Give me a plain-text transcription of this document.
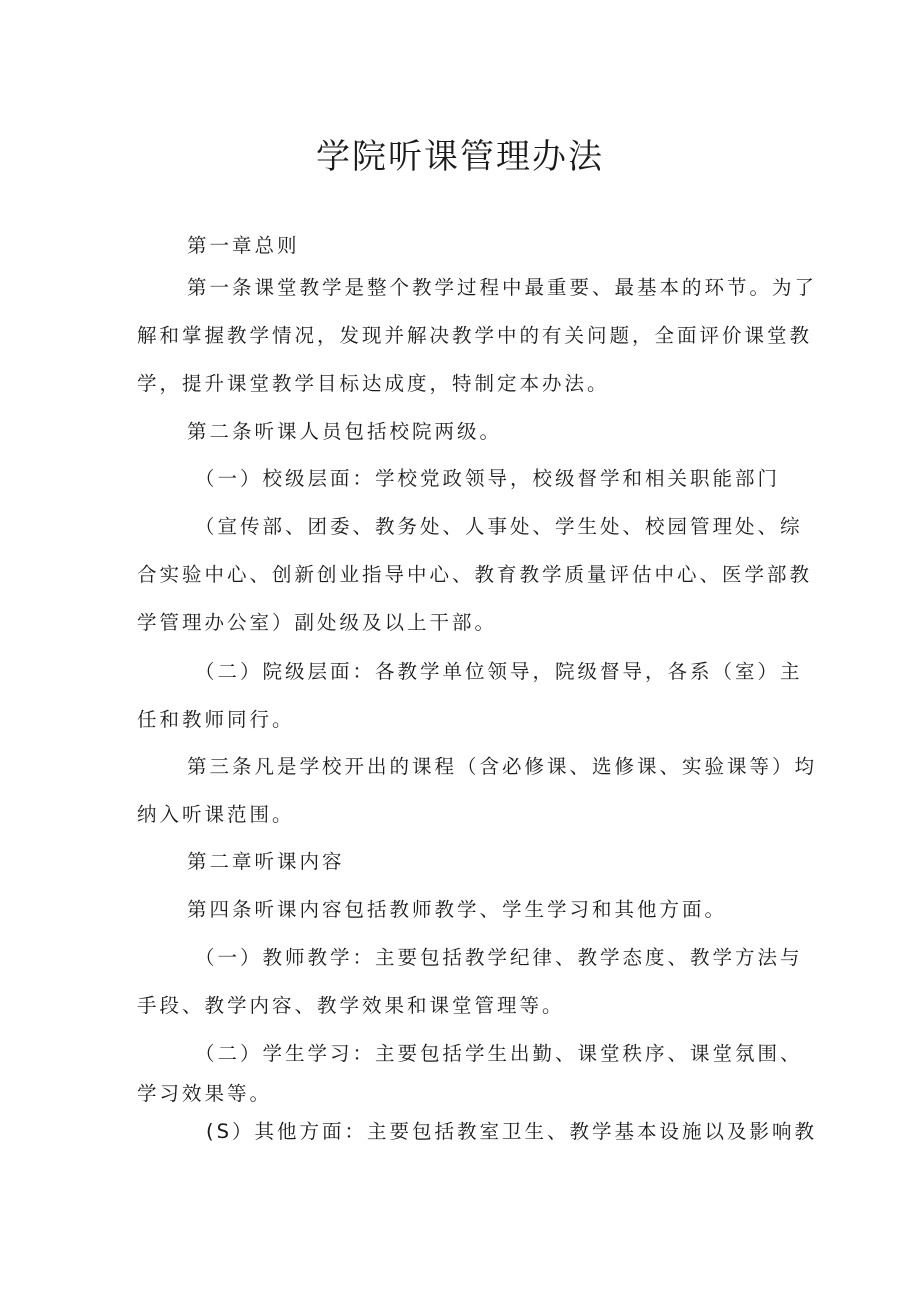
学院听课管理办法
第一章总则
第一条课堂教学是整个教学过程中最重要、最基本的环节。为了
解和掌握教学情况，发现并解决教学中的有关问题，全面评价课堂教
学，提升课堂教学目标达成度，特制定本办法。
第二条听课人员包括校院两级。
（一）校级层面：学校党政领导，校级督学和相关职能部门
（宣传部、团委、教务处、人事处、学生处、校园管理处、综
合实验中心、创新创业指导中心、教育教学质量评估中心、医学部教
学管理办公室）副处级及以上干部。
（二）院级层面：各教学单位领导，院级督导，各系（室）主
任和教师同行。
第三条凡是学校开出的课程（含必修课、选修课、实验课等）均
纳入听课范围。
第二章听课内容
第四条听课内容包括教师教学、学生学习和其他方面。
（一）教师教学：主要包括教学纪律、教学态度、教学方法与
手段、教学内容、教学效果和课堂管理等。
（二）学生学习：主要包括学生出勤、课堂秩序、课堂氛围、
学习效果等。
(S）其他方面：主要包括教室卫生、教学基本设施以及影响教
